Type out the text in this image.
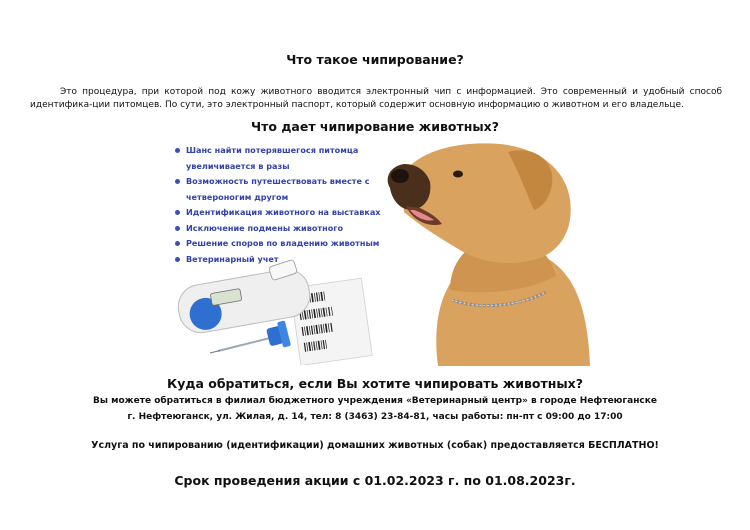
Что такое чипирование?
Это процедура, при которой под кожу животного вводится электронный чип с информацией. Это современный и удобный способ идентифика-ции питомцев. По сути, это электронный паспорт, который содержит основную информацию о животном и его владельце.
Что дает чипирование животных?
Шанс найти потерявшегося питомца увеличивается в разы
Возможность путешествовать вместе с четвероногим другом
Идентификация животного на выставках
Исключение подмены животного
Решение споров по владению животным
Ветеринарный учет
Куда обратиться, если Вы хотите чипировать животных?
Вы можете обратиться в филиал бюджетного учреждения «Ветеринарный центр» в городе Нефтеюганске
г. Нефтеюганск, ул. Жилая, д. 14, тел: 8 (3463) 23-84-81, часы работы: пн-пт с 09:00 до 17:00
Услуга по чипированию (идентификации) домашних животных (собак) предоставляется БЕСПЛАТНО!
Срок проведения акции с 01.02.2023 г. по 01.08.2023г.
